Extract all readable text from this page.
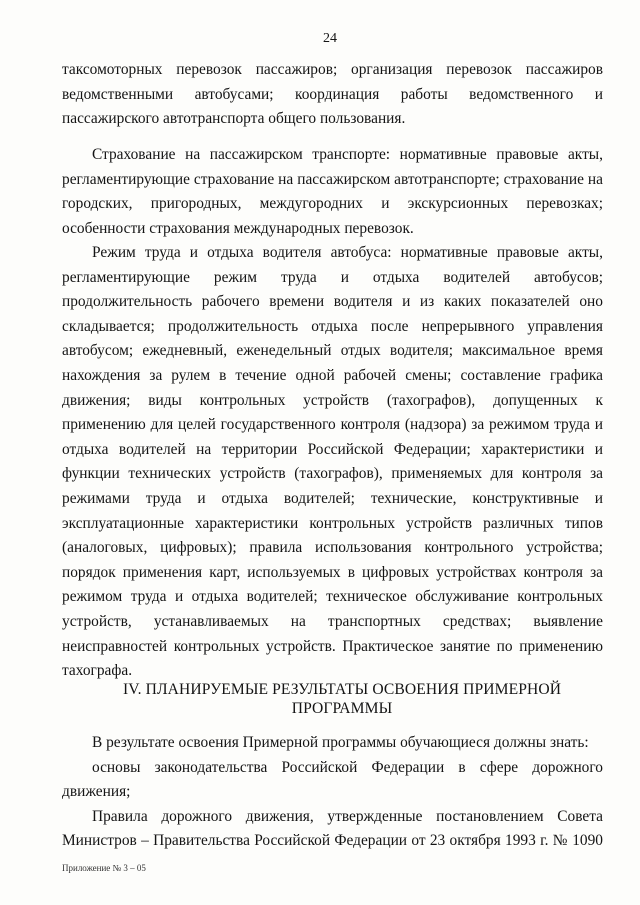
24

таксомоторных перевозок пассажиров; организация перевозок пассажиров ведомственными автобусами; координация работы ведомственного и пассажирского автотранспорта общего пользования.

Страхование на пассажирском транспорте: нормативные правовые акты, регламентирующие страхование на пассажирском автотранспорте; страхование на городских, пригородных, междугородних и экскурсионных перевозках; особенности страхования международных перевозок.

Режим труда и отдыха водителя автобуса: нормативные правовые акты, регламентирующие режим труда и отдыха водителей автобусов; продолжительность рабочего времени водителя и из каких показателей оно складывается; продолжительность отдыха после непрерывного управления автобусом; ежедневный, еженедельный отдых водителя; максимальное время нахождения за рулем в течение одной рабочей смены; составление графика движения; виды контрольных устройств (тахографов), допущенных к применению для целей государственного контроля (надзора) за режимом труда и отдыха водителей на территории Российской Федерации; характеристики и функции технических устройств (тахографов), применяемых для контроля за режимами труда и отдыха водителей; технические, конструктивные и эксплуатационные характеристики контрольных устройств различных типов (аналоговых, цифровых); правила использования контрольного устройства; порядок применения карт, используемых в цифровых устройствах контроля за режимом труда и отдыха водителей; техническое обслуживание контрольных устройств, устанавливаемых на транспортных средствах; выявление неисправностей контрольных устройств. Практическое занятие по применению тахографа.

IV. ПЛАНИРУЕМЫЕ РЕЗУЛЬТАТЫ ОСВОЕНИЯ ПРИМЕРНОЙ
ПРОГРАММЫ

В результате освоения Примерной программы обучающиеся должны знать:

основы законодательства Российской Федерации в сфере дорожного движения;

Правила дорожного движения, утвержденные постановлением Совета Министров – Правительства Российской Федерации от 23 октября 1993 г. № 1090

Приложение № 3 – 05
